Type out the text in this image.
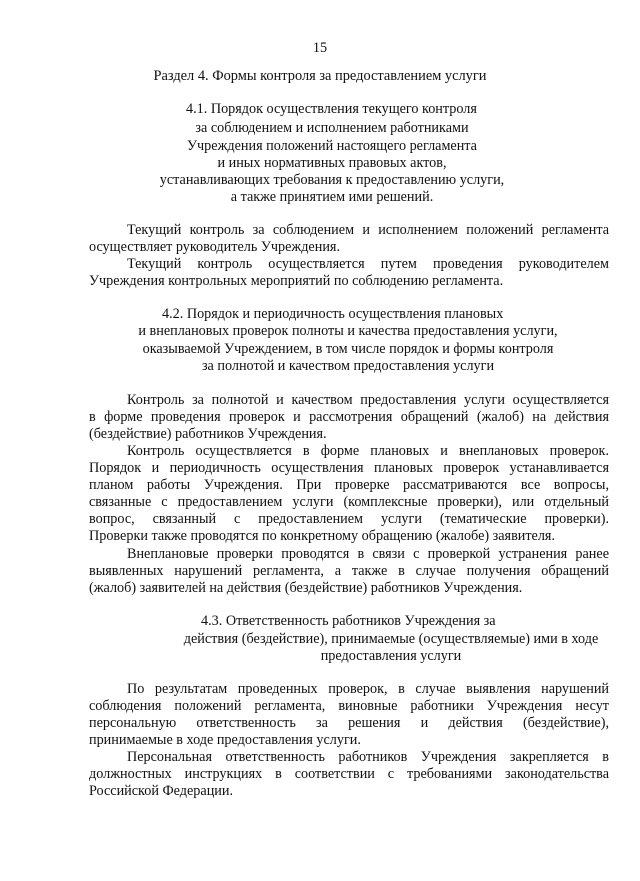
15
Раздел 4. Формы контроля за предоставлением услуги
4.1. Порядок осуществления текущего контроля
за соблюдением и исполнением работниками
Учреждения положений настоящего регламента
и иных нормативных правовых актов,
устанавливающих требования к предоставлению услуги,
а также принятием ими решений.
Текущий контроль за соблюдением и исполнением положений регламента
осуществляет руководитель Учреждения.
Текущий контроль осуществляется путем проведения руководителем
Учреждения контрольных мероприятий по соблюдению регламента.
4.2. Порядок и периодичность осуществления плановых
и внеплановых проверок полноты и качества предоставления услуги,
оказываемой Учреждением, в том числе порядок и формы контроля
за полнотой и качеством предоставления услуги
Контроль за полнотой и качеством предоставления услуги осуществляется
в форме проведения проверок и рассмотрения обращений (жалоб) на действия
(бездействие) работников Учреждения.
Контроль осуществляется в форме плановых и внеплановых проверок.
Порядок и периодичность осуществления плановых проверок устанавливается
планом работы Учреждения. При проверке рассматриваются все вопросы,
связанные с предоставлением услуги (комплексные проверки), или отдельный
вопрос, связанный с предоставлением услуги (тематические проверки).
Проверки также проводятся по конкретному обращению (жалобе) заявителя.
Внеплановые проверки проводятся в связи с проверкой устранения ранее
выявленных нарушений регламента, а также в случае получения обращений
(жалоб) заявителей на действия (бездействие) работников Учреждения.
4.3. Ответственность работников Учреждения за
действия (бездействие), принимаемые (осуществляемые) ими в ходе
предоставления услуги
По результатам проведенных проверок, в случае выявления нарушений
соблюдения положений регламента, виновные работники Учреждения несут
персональную ответственность за решения и действия (бездействие),
принимаемые в ходе предоставления услуги.
Персональная ответственность работников Учреждения закрепляется в
должностных инструкциях в соответствии с требованиями законодательства
Российской Федерации.
